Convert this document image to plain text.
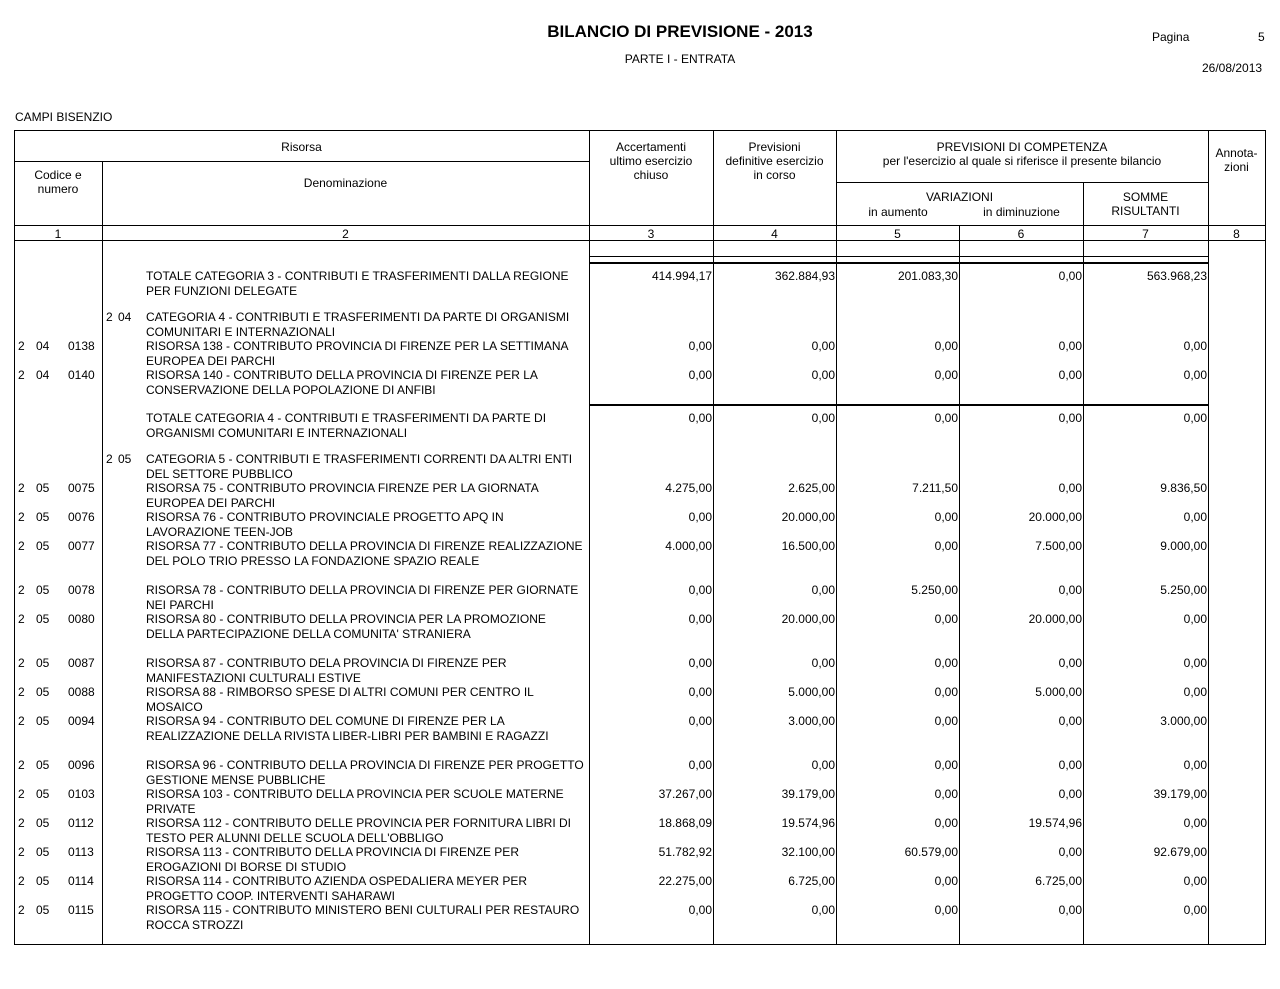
BILANCIO DI PREVISIONE - 2013
PARTE I - ENTRATA
Pagina	5
26/08/2013
CAMPI BISENZIO
Risorsa
Codice e
numero	Denominazione
Accertamenti
ultimo esercizio
chiuso
Previsioni
definitive esercizio
in corso
PREVISIONI DI COMPETENZA
per l'esercizio al quale si riferisce il presente bilancio
VARIAZIONI
in aumento	in diminuzione
SOMME
RISULTANTI
Annota-
zioni
1	2	3	4	5	6	7	8
TOTALE CATEGORIA 3 - CONTRIBUTI E TRASFERIMENTI DALLA REGIONE PER FUNZIONI DELEGATE
414.994,17	362.884,93	201.083,30	0,00	563.968,23
2 04 CATEGORIA 4 - CONTRIBUTI E TRASFERIMENTI DA PARTE DI ORGANISMI COMUNITARI E INTERNAZIONALI
2 04 0138	RISORSA 138 - CONTRIBUTO PROVINCIA DI FIRENZE PER LA SETTIMANA EUROPEA DEI PARCHI
0,00	0,00	0,00	0,00	0,00
2 04 0140	RISORSA 140 - CONTRIBUTO DELLA PROVINCIA DI FIRENZE PER LA CONSERVAZIONE DELLA POPOLAZIONE DI ANFIBI
0,00	0,00	0,00	0,00	0,00
TOTALE CATEGORIA 4 - CONTRIBUTI E TRASFERIMENTI DA PARTE DI ORGANISMI COMUNITARI E INTERNAZIONALI
0,00	0,00	0,00	0,00	0,00
2 05 CATEGORIA 5 - CONTRIBUTI E TRASFERIMENTI CORRENTI DA ALTRI ENTI DEL SETTORE PUBBLICO
2 05 0075	RISORSA 75 - CONTRIBUTO PROVINCIA FIRENZE PER LA GIORNATA EUROPEA DEI PARCHI
4.275,00	2.625,00	7.211,50	0,00	9.836,50
2 05 0076	RISORSA 76 - CONTRIBUTO PROVINCIALE PROGETTO APQ IN LAVORAZIONE TEEN-JOB
0,00	20.000,00	0,00	20.000,00	0,00
2 05 0077	RISORSA 77 - CONTRIBUTO DELLA PROVINCIA DI FIRENZE REALIZZAZIONE DEL POLO TRIO PRESSO LA FONDAZIONE SPAZIO REALE
4.000,00	16.500,00	0,00	7.500,00	9.000,00
2 05 0078	RISORSA 78 - CONTRIBUTO DELLA PROVINCIA DI FIRENZE PER GIORNATE NEI PARCHI
0,00	0,00	5.250,00	0,00	5.250,00
2 05 0080	RISORSA 80 - CONTRIBUTO DELLA PROVINCIA PER LA PROMOZIONE DELLA PARTECIPAZIONE DELLA COMUNITA' STRANIERA
0,00	20.000,00	0,00	20.000,00	0,00
2 05 0087	RISORSA 87 - CONTRIBUTO DELA PROVINCIA DI FIRENZE PER MANIFESTAZIONI CULTURALI ESTIVE
0,00	0,00	0,00	0,00	0,00
2 05 0088	RISORSA 88 - RIMBORSO SPESE DI ALTRI COMUNI PER CENTRO IL MOSAICO
0,00	5.000,00	0,00	5.000,00	0,00
2 05 0094	RISORSA 94 - CONTRIBUTO DEL COMUNE DI FIRENZE PER LA REALIZZAZIONE DELLA RIVISTA LIBER-LIBRI PER BAMBINI E RAGAZZI
0,00	3.000,00	0,00	0,00	3.000,00
2 05 0096	RISORSA 96 - CONTRIBUTO DELLA PROVINCIA DI FIRENZE PER PROGETTO GESTIONE MENSE PUBBLICHE
0,00	0,00	0,00	0,00	0,00
2 05 0103	RISORSA 103 - CONTRIBUTO DELLA PROVINCIA PER SCUOLE MATERNE PRIVATE
37.267,00	39.179,00	0,00	0,00	39.179,00
2 05 0112	RISORSA 112 - CONTRIBUTO DELLE PROVINCIA PER FORNITURA LIBRI DI TESTO PER ALUNNI DELLE SCUOLA DELL'OBBLIGO
18.868,09	19.574,96	0,00	19.574,96	0,00
2 05 0113	RISORSA 113 - CONTRIBUTO DELLA PROVINCIA DI FIRENZE PER EROGAZIONI DI BORSE DI STUDIO
51.782,92	32.100,00	60.579,00	0,00	92.679,00
2 05 0114	RISORSA 114 - CONTRIBUTO AZIENDA OSPEDALIERA MEYER PER PROGETTO COOP. INTERVENTI SAHARAWI
22.275,00	6.725,00	0,00	6.725,00	0,00
2 05 0115	RISORSA 115 - CONTRIBUTO MINISTERO BENI CULTURALI PER RESTAURO ROCCA STROZZI
0,00	0,00	0,00	0,00	0,00
